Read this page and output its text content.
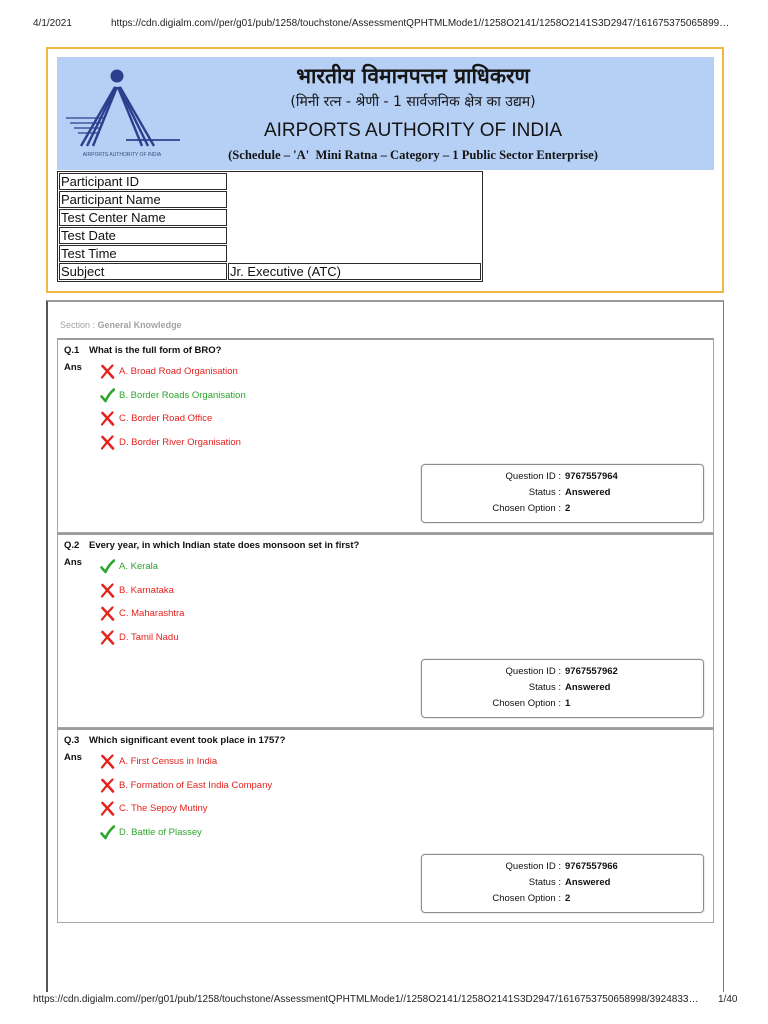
4/1/2021	https://cdn.digialm.com//per/g01/pub/1258/touchstone/AssessmentQPHTMLMode1//1258O2141/1258O2141S3D2947/161675375065899…
AIRPORTS AUTHORITY OF INDIA
भारतीय विमानपत्तन प्राधिकरण
(मिनी रत्न - श्रेणी - 1 सार्वजनिक क्षेत्र का उद्यम)
AIRPORTS AUTHORITY OF INDIA
(Schedule – 'A'  Mini Ratna – Category – 1 Public Sector Enterprise)
Participant ID	
Participant Name	
Test Center Name	
Test Date	
Test Time	
Subject	Jr. Executive (ATC)
Section : General Knowledge
Q.1 What is the full form of BRO?
Ans	A. Broad Road Organisation
B. Border Roads Organisation
C. Border Road Office
D. Border River Organisation
Question ID : 9767557964
Status : Answered
Chosen Option : 2
Q.2 Every year, in which Indian state does monsoon set in first?
Ans	A. Kerala
B. Karnataka
C. Maharashtra
D. Tamil Nadu
Question ID : 9767557962
Status : Answered
Chosen Option : 1
Q.3 Which significant event took place in 1757?
Ans	A. First Census in India
B. Formation of East India Company
C. The Sepoy Mutiny
D. Battle of Plassey
Question ID : 9767557966
Status : Answered
Chosen Option : 2
https://cdn.digialm.com//per/g01/pub/1258/touchstone/AssessmentQPHTMLMode1//1258O2141/1258O2141S3D2947/1616753750658998/3924833…	1/40
